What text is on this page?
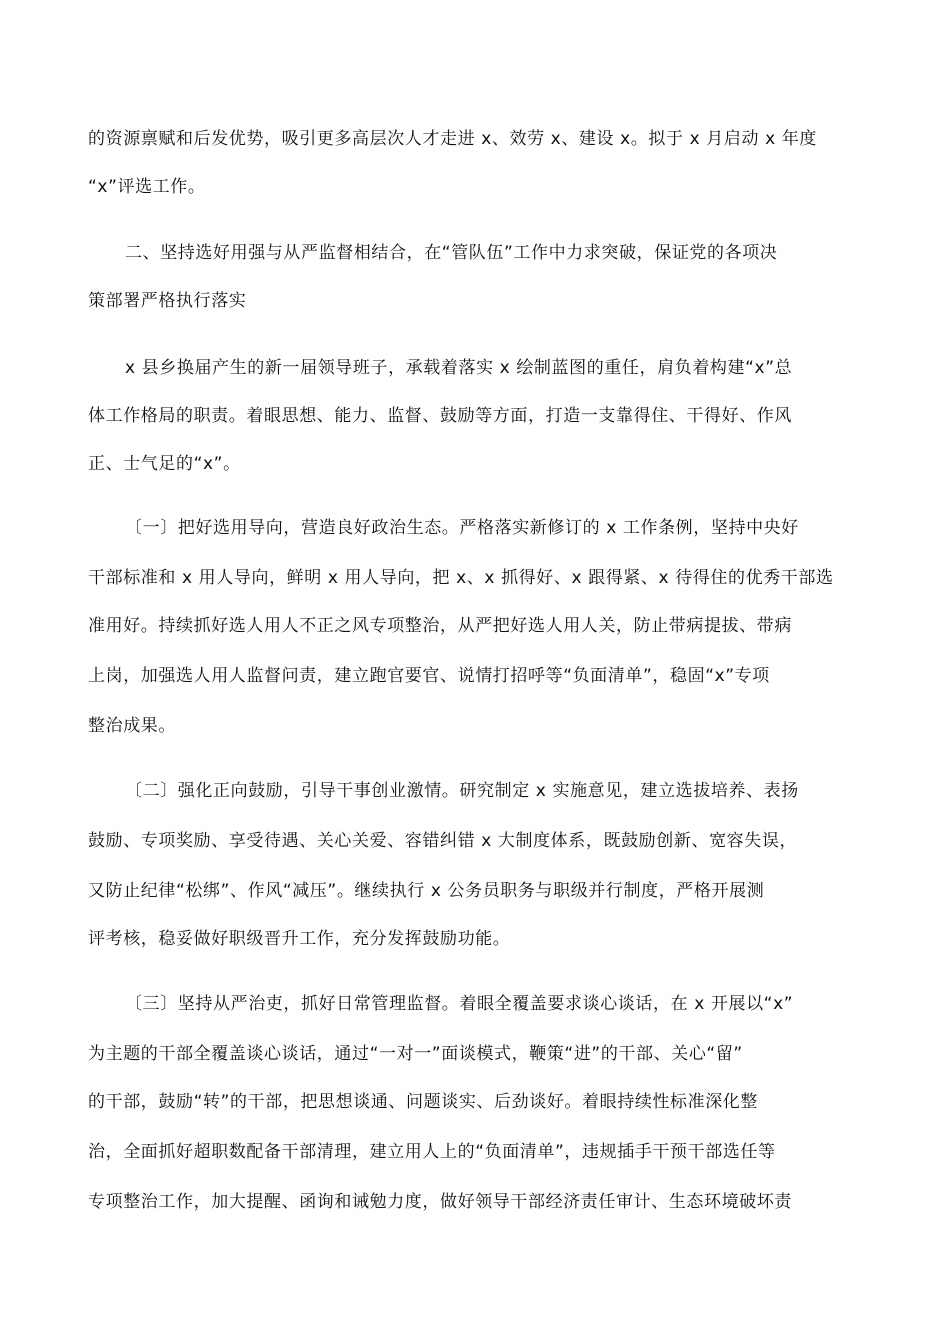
的资源禀赋和后发优势，吸引更多高层次人才走进 x、效劳 x、建设 x。拟于 x 月启动 x 年度
“x”评选工作。
二、坚持选好用强与从严监督相结合，在“管队伍”工作中力求突破，保证党的各项决
策部署严格执行落实
x 县乡换届产生的新一届领导班子，承载着落实 x 绘制蓝图的重任，肩负着构建“x”总
体工作格局的职责。着眼思想、能力、监督、鼓励等方面，打造一支靠得住、干得好、作风
正、士气足的“x”。
〔一〕把好选用导向，营造良好政治生态。严格落实新修订的 x 工作条例，坚持中央好
干部标准和 x 用人导向，鲜明 x 用人导向，把 x、x 抓得好、x 跟得紧、x 待得住的优秀干部选
准用好。持续抓好选人用人不正之风专项整治，从严把好选人用人关，防止带病提拔、带病
上岗，加强选人用人监督问责，建立跑官要官、说情打招呼等“负面清单”，稳固“x”专项
整治成果。
〔二〕强化正向鼓励，引导干事创业激情。研究制定 x 实施意见，建立选拔培养、表扬
鼓励、专项奖励、享受待遇、关心关爱、容错纠错 x 大制度体系，既鼓励创新、宽容失误，
又防止纪律“松绑”、作风“减压”。继续执行 x 公务员职务与职级并行制度，严格开展测
评考核，稳妥做好职级晋升工作，充分发挥鼓励功能。
〔三〕坚持从严治吏，抓好日常管理监督。着眼全覆盖要求谈心谈话，在 x 开展以“x”
为主题的干部全覆盖谈心谈话，通过“一对一”面谈模式，鞭策“进”的干部、关心“留”
的干部，鼓励“转”的干部，把思想谈通、问题谈实、后劲谈好。着眼持续性标准深化整
治，全面抓好超职数配备干部清理，建立用人上的“负面清单”，违规插手干预干部选任等
专项整治工作，加大提醒、函询和诫勉力度，做好领导干部经济责任审计、生态环境破坏责
